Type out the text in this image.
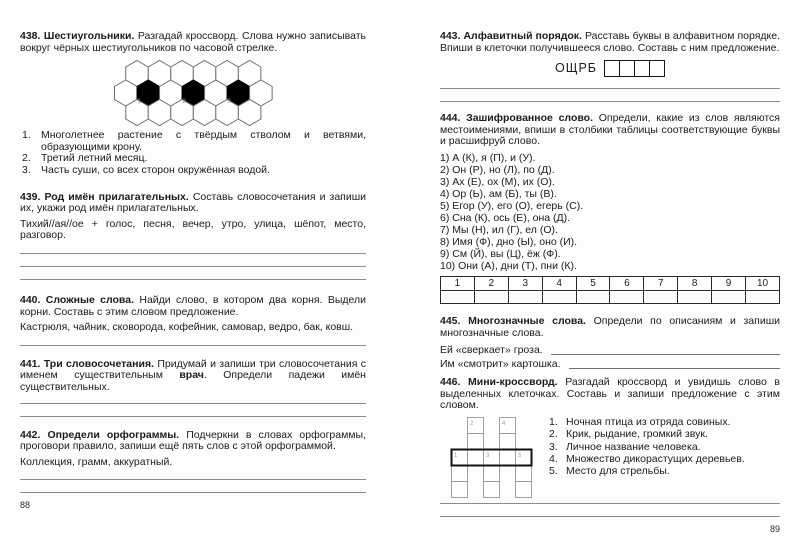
438. Шестиугольники. Разгадай кроссворд. Слова нужно записывать вокруг чёрных шестиугольников по часовой стрелке.
1	2	3
1. Многолетнее растение с твёрдым стволом и ветвями, образующими крону.
2. Третий летний месяц.
3. Часть суши, со всех сторон окружённая водой.
439. Род имён прилагательных. Составь словосочетания и запиши их, укажи род имён прилагательных.
Тихий//ая//ое + голос, песня, вечер, утро, улица, шёпот, место, разговор.
440. Сложные слова. Найди слово, в котором два корня. Выдели корни. Составь с этим словом предложение.
Кастрюля, чайник, сковорода, кофейник, самовар, ведро, бак, ковш.
441. Три словосочетания. Придумай и запиши три словосочетания с именем существительным врач. Определи падежи имён существительных.
442. Определи орфограммы. Подчеркни в словах орфограммы, проговори правило, запиши ещё пять слов с этой орфограммой.
Коллекция, грамм, аккуратный.
88
443. Алфавитный порядок. Расставь буквы в алфавитном порядке. Впиши в клеточки получившееся слово. Составь с ним предложение.
ОЩРБ
444. Зашифрованное слово. Определи, какие из слов являются местоимениями, впиши в столбики таблицы соответствующие буквы и расшифруй слово.
1) А (К), я (П), и (У).
2) Он (Р), но (Л), по (Д).
3) Ах (Е), ох (М), их (О).
4) Ор (Ь), ам (Б), ты (В).
5) Егор (У), его (О), егерь (С).
6) Сна (К), ось (Е), она (Д).
7) Мы (Н), ил (Г), ел (О).
8) Имя (Ф), дно (Ы), оно (И).
9) См (Й), вы (Ц), ёж (Ф).
10) Они (А), дни (Т), пни (К).
1	2	3	4	5	6	7	8	9	10

445. Многозначные слова. Определи по описаниям и запиши многозначные слова.
Ей «сверкает» гроза.
Им «смотрит» картошка.
446. Мини-кроссворд. Разгадай кроссворд и увидишь слово в выделенных клеточках. Составь и запиши предложение с этим словом.
2	4
1	3	5
1. Ночная птица из отряда совиных.
2. Крик, рыдание, громкий звук.
3. Личное название человека.
4. Множество дикорастущих деревьев.
5. Место для стрельбы.
89
